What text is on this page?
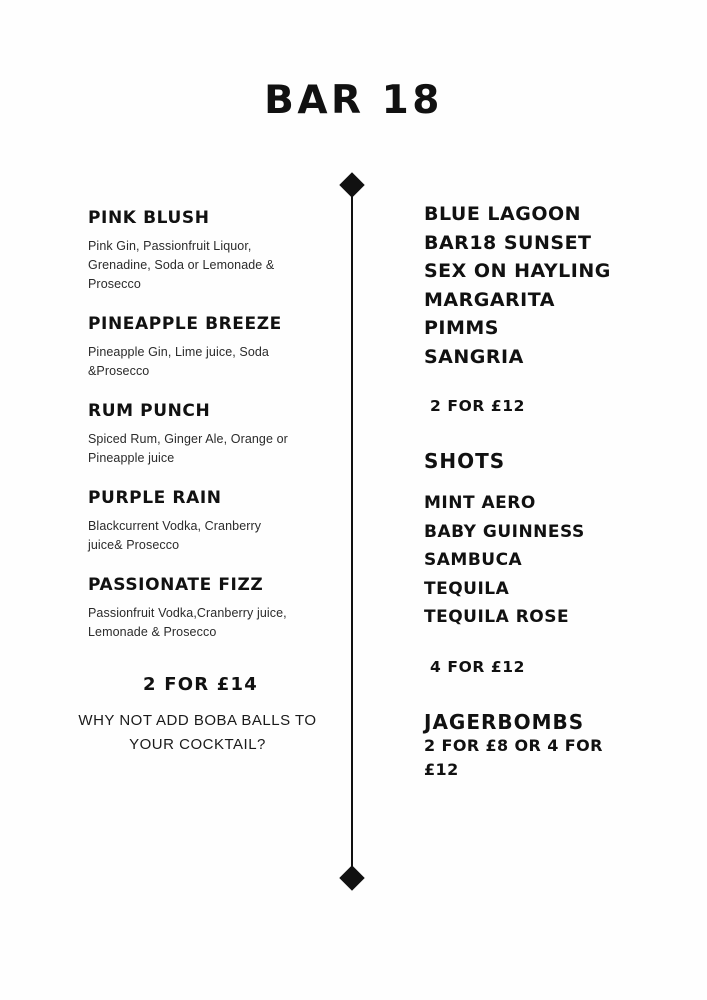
BAR 18
PINK BLUSH
Pink Gin, Passionfruit Liquor, Grenadine, Soda or Lemonade & Prosecco
PINEAPPLE BREEZE
Pineapple Gin, Lime juice, Soda &Prosecco
RUM PUNCH
Spiced Rum, Ginger Ale, Orange or Pineapple juice
PURPLE RAIN
Blackcurrent Vodka, Cranberry juice& Prosecco
PASSIONATE FIZZ
Passionfruit Vodka,Cranberry juice, Lemonade & Prosecco
2 FOR £14
WHY NOT ADD BOBA BALLS TO YOUR COCKTAIL?
BLUE LAGOON
BAR18 SUNSET
SEX ON HAYLING
MARGARITA
PIMMS
SANGRIA
2 FOR £12
SHOTS
MINT AERO
BABY GUINNESS
SAMBUCA
TEQUILA
TEQUILA ROSE
4 FOR £12
JAGERBOMBS
2 FOR £8 OR 4 FOR £12
